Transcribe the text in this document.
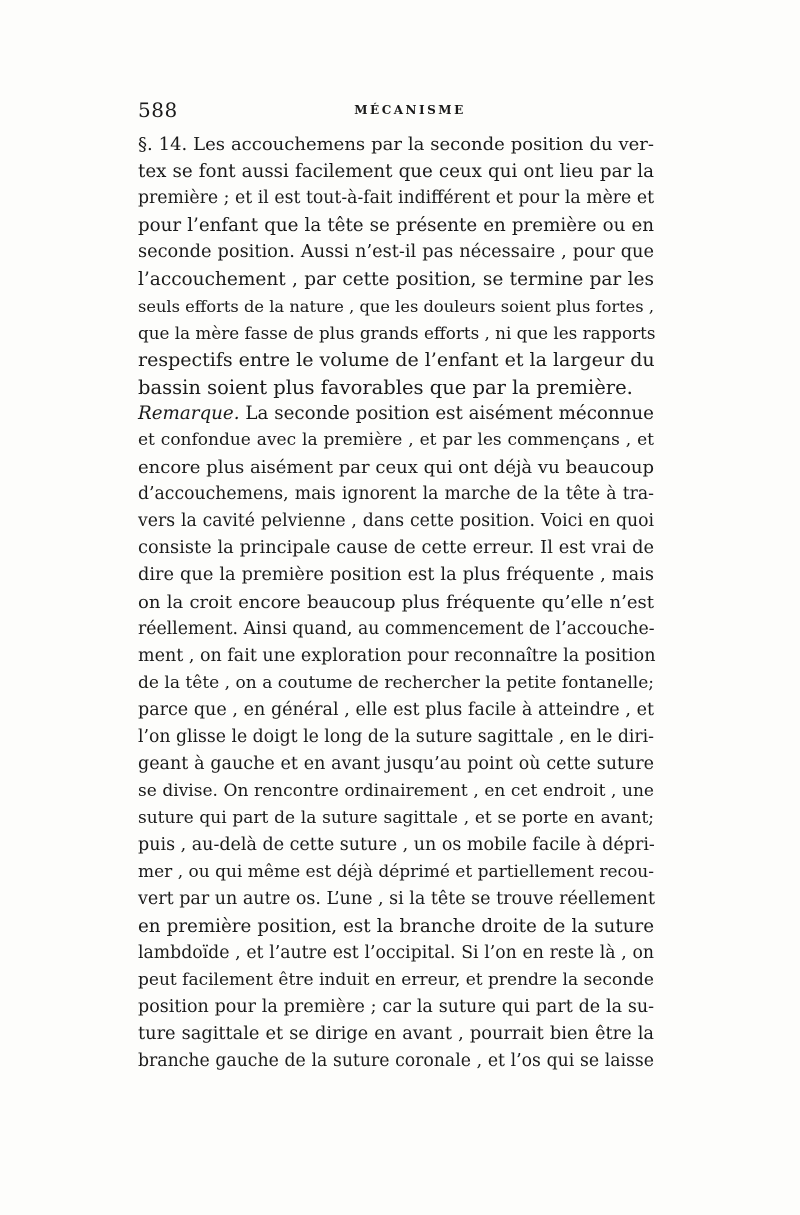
588	MÉCANISME
§. 14. Les accouchemens par la seconde position du ver-
tex se font aussi facilement que ceux qui ont lieu par la
première ; et il est tout-à-fait indifférent et pour la mère et
pour l’enfant que la tête se présente en première ou en
seconde position. Aussi n’est-il pas nécessaire , pour que
l’accouchement , par cette position, se termine par les
seuls efforts de la nature , que les douleurs soient plus fortes ,
que la mère fasse de plus grands efforts , ni que les rapports
respectifs entre le volume de l’enfant et la largeur du
bassin soient plus favorables que par la première.
Remarque. La seconde position est aisément méconnue
et confondue avec la première , et par les commençans , et
encore plus aisément par ceux qui ont déjà vu beaucoup
d’accouchemens, mais ignorent la marche de la tête à tra-
vers la cavité pelvienne , dans cette position. Voici en quoi
consiste la principale cause de cette erreur. Il est vrai de
dire que la première position est la plus fréquente , mais
on la croit encore beaucoup plus fréquente qu’elle n’est
réellement. Ainsi quand, au commencement de l’accouche-
ment , on fait une exploration pour reconnaître la position
de la tête , on a coutume de rechercher la petite fontanelle;
parce que , en général , elle est plus facile à atteindre , et
l’on glisse le doigt le long de la suture sagittale , en le diri-
geant à gauche et en avant jusqu’au point où cette suture
se divise. On rencontre ordinairement , en cet endroit , une
suture qui part de la suture sagittale , et se porte en avant;
puis , au-delà de cette suture , un os mobile facile à dépri-
mer , ou qui même est déjà déprimé et partiellement recou-
vert par un autre os. L’une , si la tête se trouve réellement
en première position, est la branche droite de la suture
lambdoïde , et l’autre est l’occipital. Si l’on en reste là , on
peut facilement être induit en erreur, et prendre la seconde
position pour la première ; car la suture qui part de la su-
ture sagittale et se dirige en avant , pourrait bien être la
branche gauche de la suture coronale , et l’os qui se laisse
